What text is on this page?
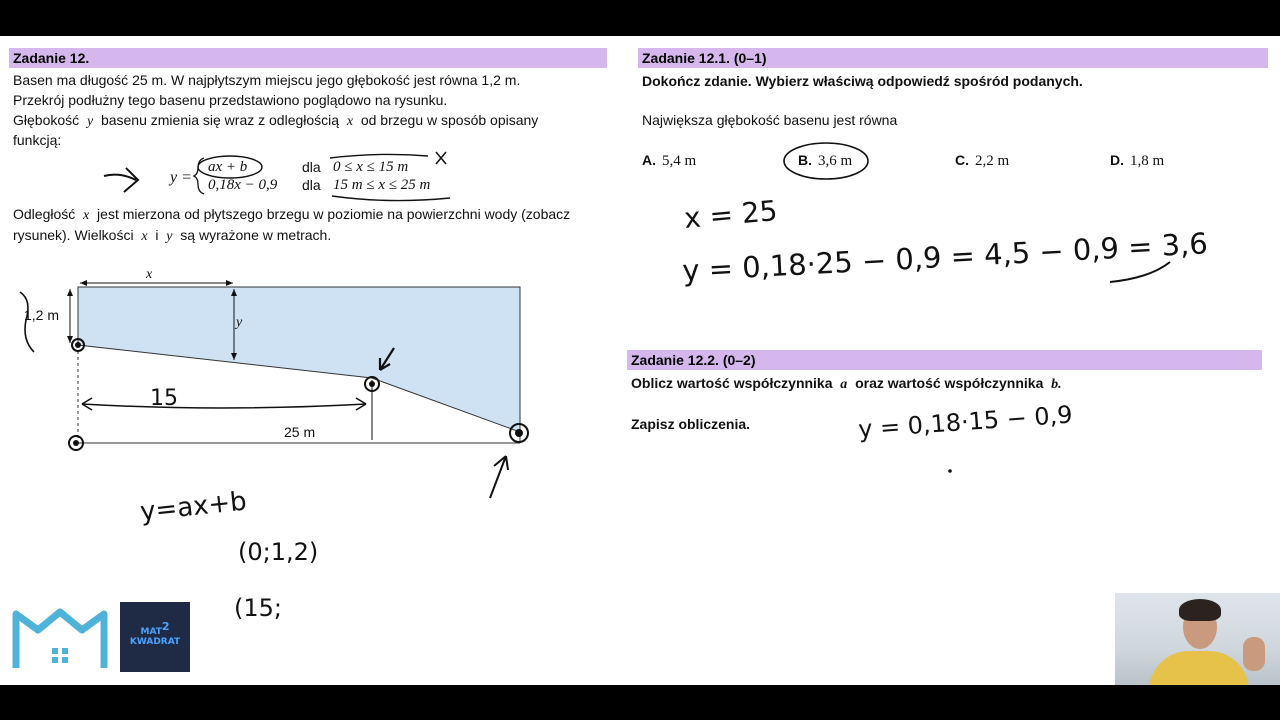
Zadanie 12.
Basen ma długość 25 m. W najpłytszym miejscu jego głębokość jest równa 1,2 m.
Przekrój podłużny tego basenu przedstawiono poglądowo na rysunku.
Głębokość y basenu zmienia się wraz z odległością x od brzegu w sposób opisany
funkcją:
y =
ax + b	dla 0 ≤ x ≤ 15 m
0,18x − 0,9 dla 15 m ≤ x ≤ 25 m
Odległość x jest mierzona od płytszego brzegu w poziomie na powierzchni wody (zobacz
rysunek). Wielkości x i y są wyrażone w metrach.
x
y
1,2 m
25 m
15
y=ax+b
(0;1,2)
(15;
MAT$^2$
KWADRAT
Zadanie 12.1. (0–1)
Dokończ zdanie. Wybierz właściwą odpowiedź spośród podanych.
Największa głębokość basenu jest równa
A. 5,4 m	B. 3,6 m	C. 2,2 m	D. 1,8 m
x = 25
y = 0,18·25 − 0,9 = 4,5 − 0,9 = 3,6
Zadanie 12.2. (0–2)
Oblicz wartość współczynnika a oraz wartość współczynnika b.
Zapisz obliczenia.	y = 0,18·15 − 0,9
